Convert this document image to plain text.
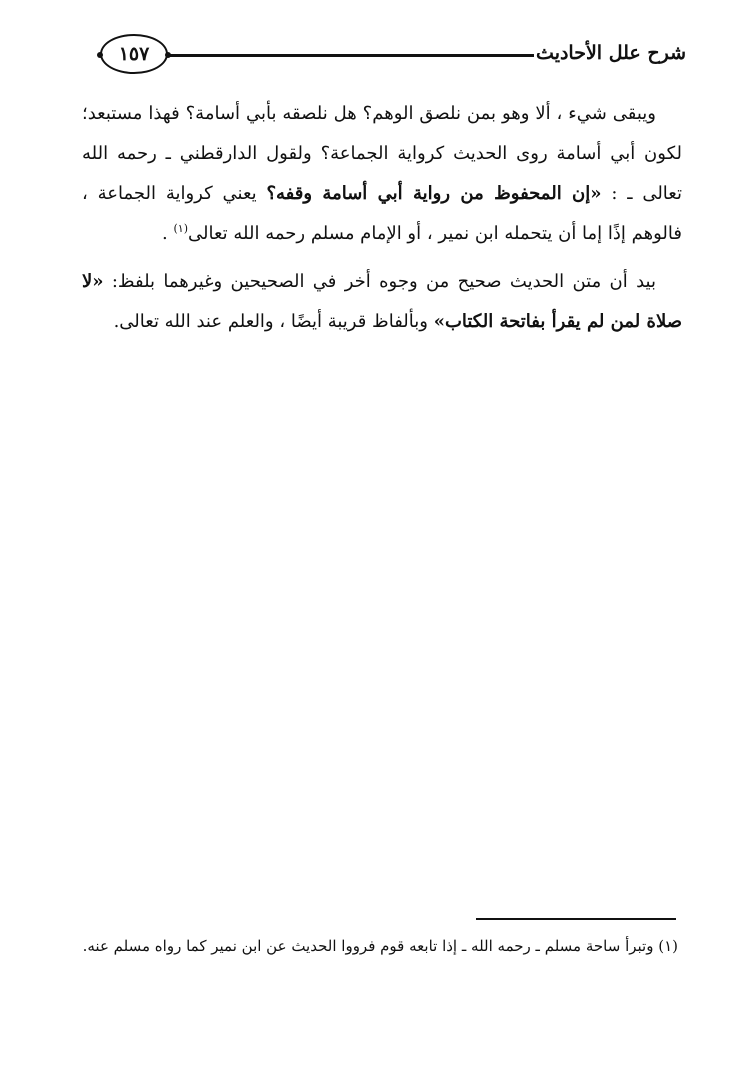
شرح علل الأحاديث
١٥٧

ويبقى شيء ، ألا وهو بمن نلصق الوهم؟ هل نلصقه بأبي أسامة؟ فهذا مستبعد؛ لكون أبي أسامة روى الحديث كرواية الجماعة؟ ولقول الدارقطني ـ رحمه الله تعالى ـ : «إن المحفوظ من رواية أبي أسامة وقفه؟ يعني كرواية الجماعة ، فالوهم إذًا إما أن يتحمله ابن نمير ، أو الإمام مسلم رحمه الله تعالى$^{(١)}$ .

بيد أن متن الحديث صحيح من وجوه أخر في الصحيحين وغيرهما بلفظ: «لا صلاة لمن لم يقرأ بفاتحة الكتاب» وبألفاظ قريبة أيضًا ، والعلم عند الله تعالى.

(١) وتبرأ ساحة مسلم ـ رحمه الله ـ إذا تابعه قوم فرووا الحديث عن ابن نمير كما رواه مسلم عنه.
